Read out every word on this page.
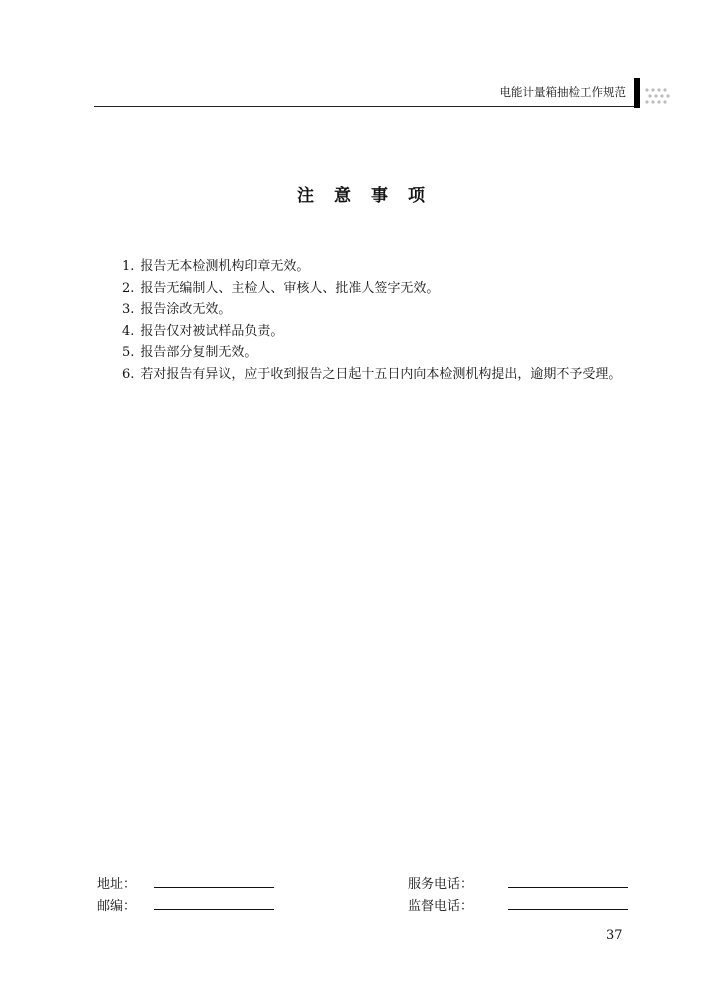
电能计量箱抽检工作规范
注意事项
1. 报告无本检测机构印章无效。
2. 报告无编制人、主检人、审核人、批准人签字无效。
3. 报告涂改无效。
4. 报告仅对被试样品负责。
5. 报告部分复制无效。
6. 若对报告有异议，应于收到报告之日起十五日内向本检测机构提出，逾期不予受理。
地址：
邮编：
服务电话：
监督电话：
37
